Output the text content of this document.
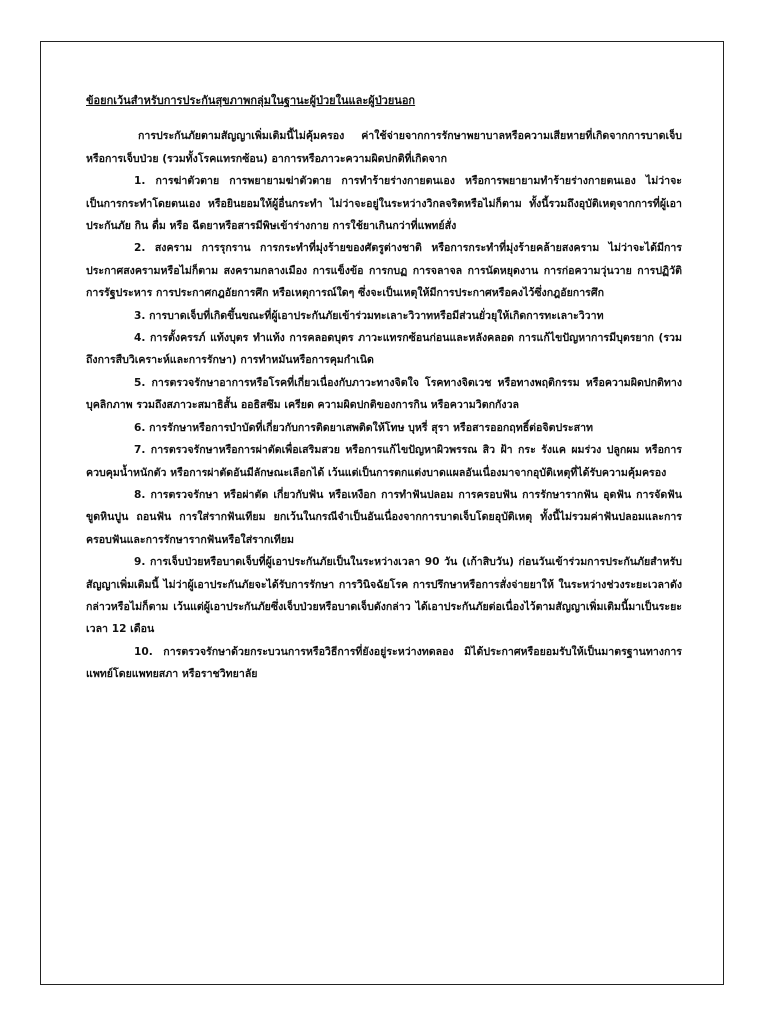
ข้อยกเว้นสำหรับการประกันสุขภาพกลุ่มในฐานะผู้ป่วยในและผู้ป่วยนอก

การประกันภัยตามสัญญาเพิ่มเติมนี้ไม่คุ้มครอง ค่าใช้จ่ายจากการรักษาพยาบาลหรือความเสียหายที่เกิดจากการบาดเจ็บหรือการเจ็บป่วย (รวมทั้งโรคแทรกซ้อน) อาการหรือภาวะความผิดปกติที่เกิดจาก

1. การฆ่าตัวตาย การพยายามฆ่าตัวตาย การทำร้ายร่างกายตนเอง หรือการพยายามทำร้ายร่างกายตนเอง ไม่ว่าจะเป็นการกระทำโดยตนเอง หรือยินยอมให้ผู้อื่นกระทำ ไม่ว่าจะอยู่ในระหว่างวิกลจริตหรือไม่ก็ตาม ทั้งนี้รวมถึงอุบัติเหตุจากการที่ผู้เอาประกันภัย กิน ดื่ม หรือ ฉีดยาหรือสารมีพิษเข้าร่างกาย การใช้ยาเกินกว่าที่แพทย์สั่ง

2. สงคราม การรุกราน การกระทำที่มุ่งร้ายของศัตรูต่างชาติ หรือการกระทำที่มุ่งร้ายคล้ายสงคราม ไม่ว่าจะได้มีการประกาศสงครามหรือไม่ก็ตาม สงครามกลางเมือง การแข็งข้อ การกบฏ การจลาจล การนัดหยุดงาน การก่อความวุ่นวาย การปฏิวัติ การรัฐประหาร การประกาศกฎอัยการศึก หรือเหตุการณ์ใดๆ ซึ่งจะเป็นเหตุให้มีการประกาศหรือคงไว้ซึ่งกฎอัยการศึก

3. การบาดเจ็บที่เกิดขึ้นขณะที่ผู้เอาประกันภัยเข้าร่วมทะเลาะวิวาทหรือมีส่วนยั่วยุให้เกิดการทะเลาะวิวาท

4. การตั้งครรภ์ แท้งบุตร ทำแท้ง การคลอดบุตร ภาวะแทรกซ้อนก่อนและหลังคลอด การแก้ไขปัญหาการมีบุตรยาก (รวมถึงการสืบวิเคราะห์และการรักษา) การทำหมันหรือการคุมกำเนิด

5. การตรวจรักษาอาการหรือโรคที่เกี่ยวเนื่องกับภาวะทางจิตใจ โรคทางจิตเวช หรือทางพฤติกรรม หรือความผิดปกติทางบุคลิกภาพ รวมถึงสภาวะสมาธิสั้น ออธิสซึม เครียด ความผิดปกติของการกิน หรือความวิตกกังวล

6. การรักษาหรือการบำบัดที่เกี่ยวกับการติดยาเสพติดให้โทษ บุหรี่ สุรา หรือสารออกฤทธิ์ต่อจิตประสาท

7. การตรวจรักษาหรือการผ่าตัดเพื่อเสริมสวย หรือการแก้ไขปัญหาผิวพรรณ สิว ฝ้า กระ รังแค ผมร่วง ปลูกผม หรือการควบคุมน้ำหนักตัว หรือการผ่าตัดอันมีลักษณะเลือกได้ เว้นแต่เป็นการตกแต่งบาดแผลอันเนื่องมาจากอุบัติเหตุที่ได้รับความคุ้มครอง

8. การตรวจรักษา หรือผ่าตัด เกี่ยวกับฟัน หรือเหงือก การทำฟันปลอม การครอบฟัน การรักษารากฟัน อุดฟัน การจัดฟัน ขูดหินปูน ถอนฟัน การใส่รากฟันเทียม ยกเว้นในกรณีจำเป็นอันเนื่องจากการบาดเจ็บโดยอุบัติเหตุ ทั้งนี้ไม่รวมค่าฟันปลอมและการครอบฟันและการรักษารากฟันหรือใส่รากเทียม

9. การเจ็บป่วยหรือบาดเจ็บที่ผู้เอาประกันภัยเป็นในระหว่างเวลา 90 วัน (เก้าสิบวัน) ก่อนวันเข้าร่วมการประกันภัยสำหรับสัญญาเพิ่มเติมนี้ ไม่ว่าผู้เอาประกันภัยจะได้รับการรักษา การวินิจฉัยโรค การปรึกษาหรือการสั่งจ่ายยาให้ ในระหว่างช่วงระยะเวลาดังกล่าวหรือไม่ก็ตาม เว้นแต่ผู้เอาประกันภัยซึ่งเจ็บป่วยหรือบาดเจ็บดังกล่าว ได้เอาประกันภัยต่อเนื่องไว้ตามสัญญาเพิ่มเติมนี้มาเป็นระยะเวลา 12 เดือน

10. การตรวจรักษาด้วยกระบวนการหรือวิธีการที่ยังอยู่ระหว่างทดลอง มิได้ประกาศหรือยอมรับให้เป็นมาตรฐานทางการแพทย์โดยแพทยสภา หรือราชวิทยาลัย
